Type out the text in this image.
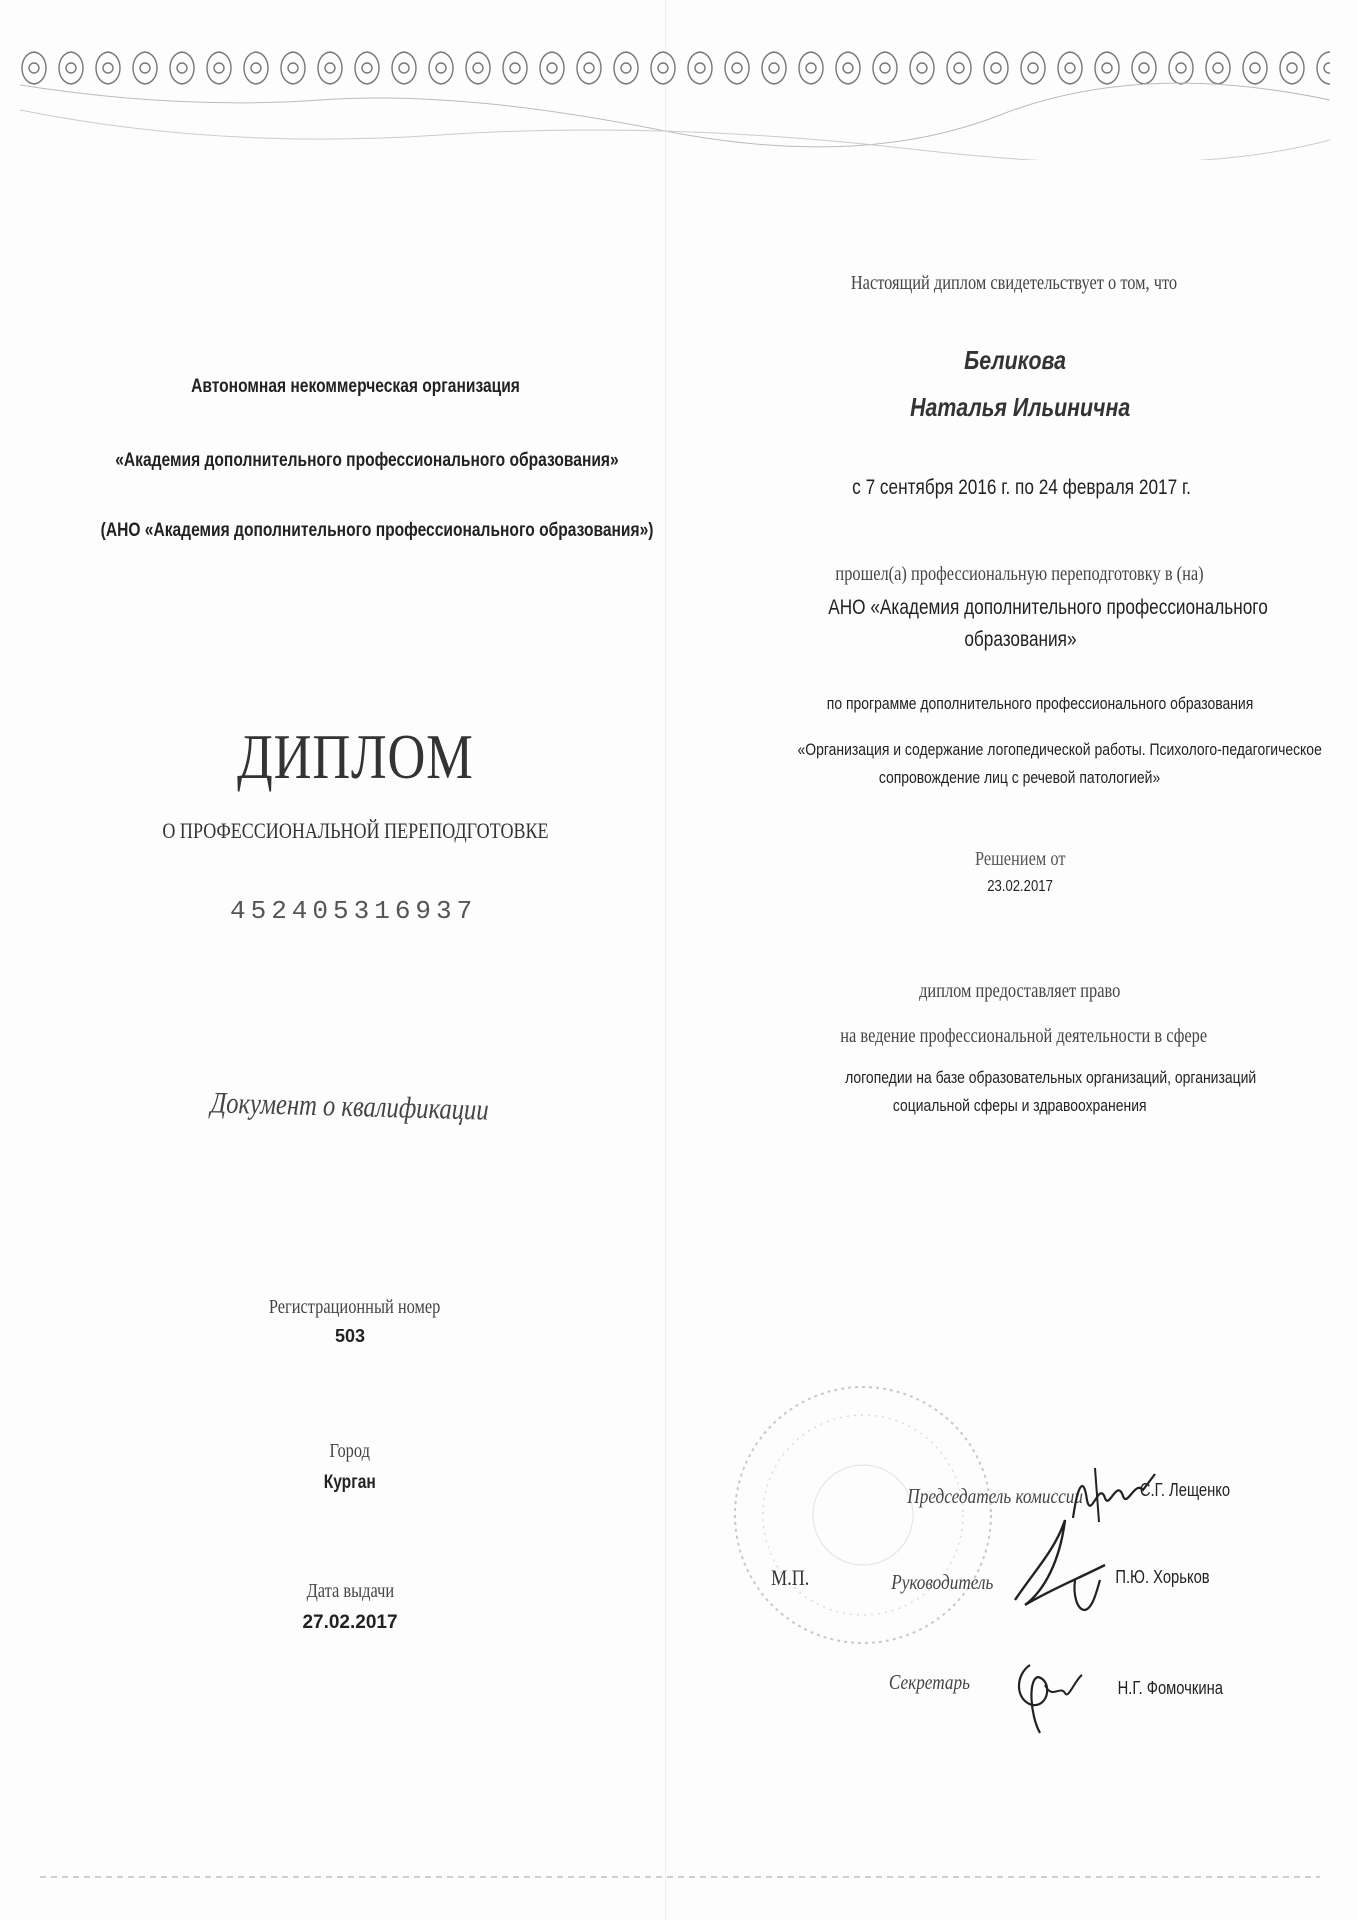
Автономная некоммерческая организация
«Академия дополнительного профессионального образования»
(АНО «Академия дополнительного профессионального образования»)
ДИПЛОМ
О ПРОФЕССИОНАЛЬНОЙ ПЕРЕПОДГОТОВКЕ
452405316937
Документ о квалификации
Регистрационный номер
503
Город
Курган
Дата выдачи
27.02.2017
Настоящий диплом свидетельствует о том, что
Беликова
Наталья Ильинична
с 7 сентября 2016 г. по 24 февраля 2017 г.
прошел(а) профессиональную переподготовку в (на)
АНО «Академия дополнительного профессионального
образования»
по программе дополнительного профессионального образования
«Организация и содержание логопедической работы. Психолого-педагогическое
сопровождение лиц с речевой патологией»
Решением от
23.02.2017
диплом предоставляет право
на ведение профессиональной деятельности в сфере
логопедии на базе образовательных организаций, организаций
социальной сферы и здравоохранения
М.П.
Председатель комиссии	С.Г. Лещенко
Руководитель	П.Ю. Хорьков
Секретарь	Н.Г. Фомочкина
